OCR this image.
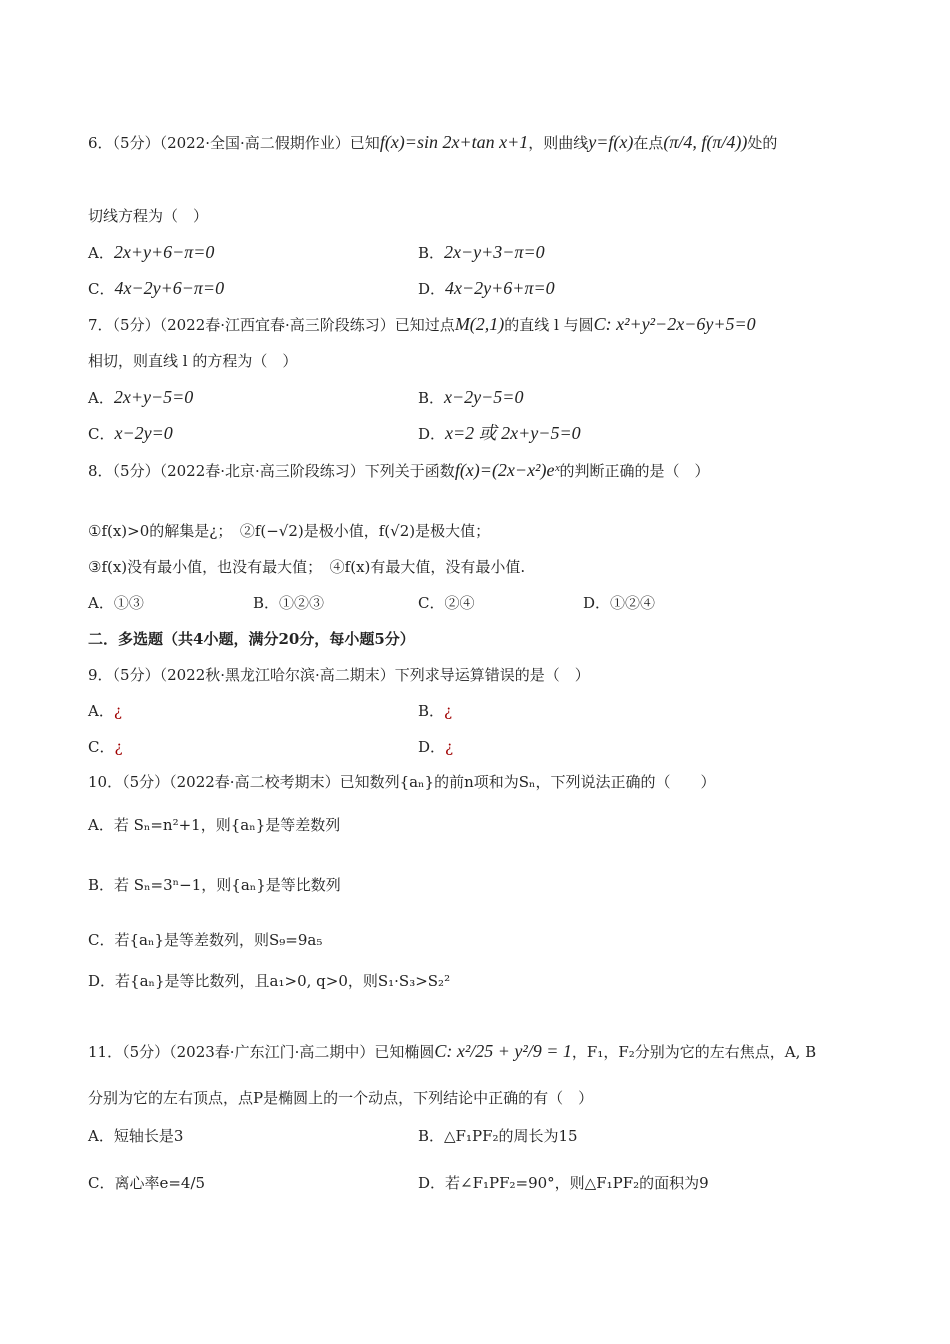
6．（5分）（2022·全国·高二假期作业）已知f(x)=sin 2x+tan x+1，则曲线y=f(x)在点(π/4, f(π/4))处的
切线方程为（　）
A．2x+y+6−π=0	B．2x−y+3−π=0
C．4x−2y+6−π=0	D．4x−2y+6+π=0
7．（5分）（2022春·江西宜春·高三阶段练习）已知过点M(2,1)的直线 l 与圆C: x²+y²−2x−6y+5=0
相切，则直线 l 的方程为（　）
A．2x+y−5=0	B．x−2y−5=0
C．x−2y=0	D．x=2 或 2x+y−5=0
8．（5分）（2022春·北京·高三阶段练习）下列关于函数f(x)=(2x−x²)eˣ的判断正确的是（　）
①f(x)>0的解集是¿；　②f(−√2)是极小值，f(√2)是极大值；
③f(x)没有最小值，也没有最大值；　④f(x)有最大值，没有最小值.
A．①③	B．①②③	C．②④	D．①②④
二．多选题（共4小题，满分20分，每小题5分）
9．（5分）（2022秋·黑龙江哈尔滨·高二期末）下列求导运算错误的是（　）
A．¿	B．¿
C．¿	D．¿
10．（5分）（2022春·高二校考期末）已知数列{aₙ}的前n项和为Sₙ，下列说法正确的（　　）
A．若 Sₙ=n²+1，则{aₙ}是等差数列
B．若 Sₙ=3ⁿ−1，则{aₙ}是等比数列
C．若{aₙ}是等差数列，则S₉=9a₅
D．若{aₙ}是等比数列，且a₁>0, q>0，则S₁·S₃>S₂²
11．（5分）（2023春·广东江门·高二期中）已知椭圆C: x²/25 + y²/9 = 1，F₁，F₂分别为它的左右焦点，A, B
分别为它的左右顶点，点P是椭圆上的一个动点，下列结论中正确的有（　）
A．短轴长是3	B．△F₁PF₂的周长为15
C．离心率e=4/5	D．若∠F₁PF₂=90°，则△F₁PF₂的面积为9
